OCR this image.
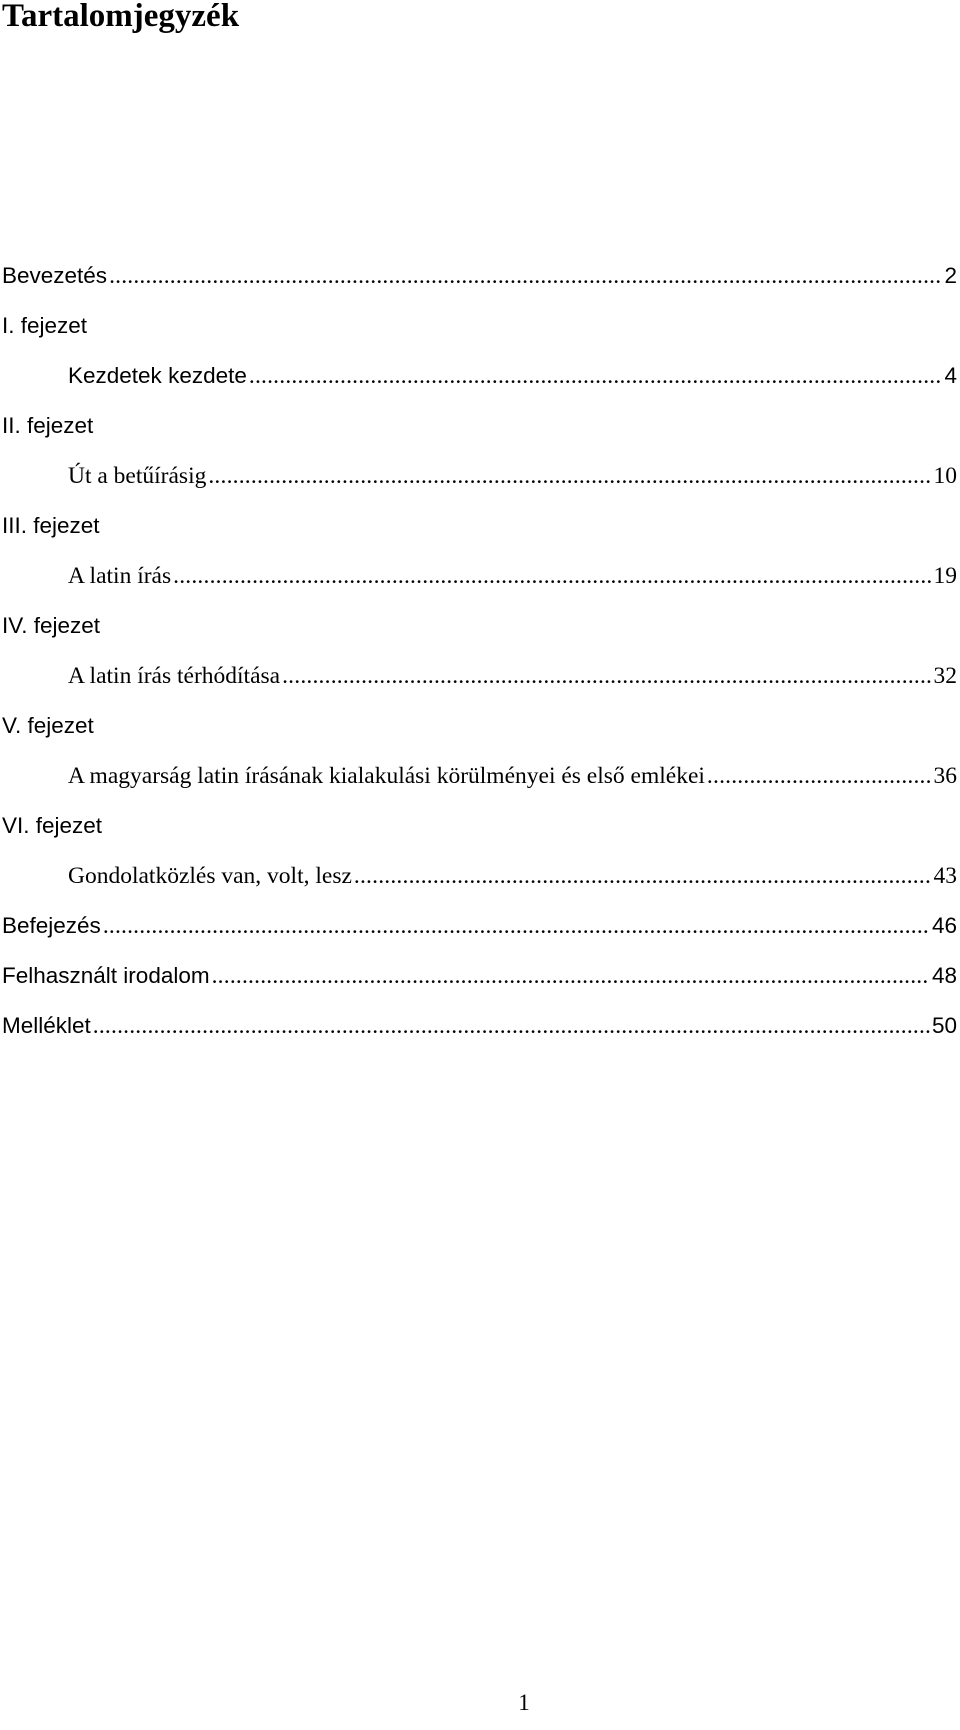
Tartalomjegyzék
Bevezetés .....	2
I. fejezet
Kezdetek kezdete .....	4
II. fejezet
Út a betűírásig .....	10
III. fejezet
A latin írás .....	19
IV. fejezet
A latin írás térhódítása .....	32
V. fejezet
A magyarság latin írásának kialakulási körülményei és első emlékei .....	36
VI. fejezet
Gondolatközlés van, volt, lesz .....	43
Befejezés .....	46
Felhasznált irodalom .....	48
Melléklet .....	50
1
